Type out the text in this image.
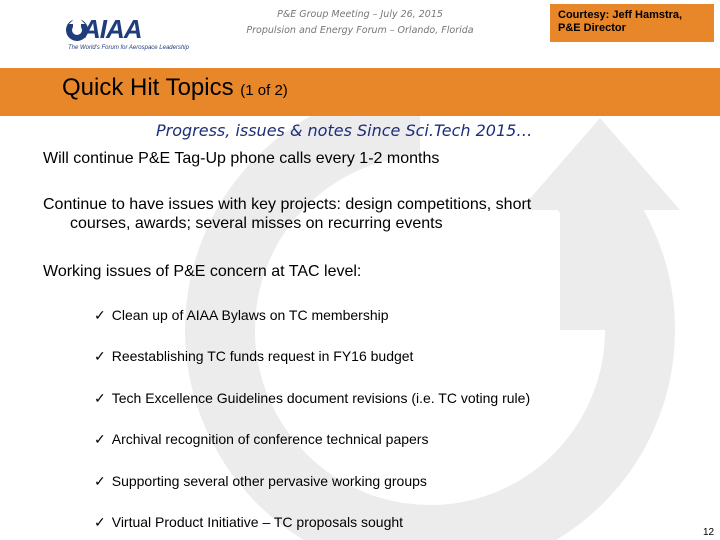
AIAA
The World's Forum for Aerospace Leadership
P&E Group Meeting – July 26, 2015
Propulsion and Energy Forum – Orlando, Florida
Courtesy: Jeff Hamstra,
P&E Director
Quick Hit Topics (1 of 2)
Progress, issues & notes Since Sci.Tech 2015…
Will continue P&E Tag-Up phone calls every 1-2 months
Continue to have issues with key projects: design competitions, short
courses, awards; several misses on recurring events
Working issues of P&E concern at TAC level:
✓ Clean up of AIAA Bylaws on TC membership
✓ Reestablishing TC funds request in FY16 budget
✓ Tech Excellence Guidelines document revisions (i.e. TC voting rule)
✓ Archival recognition of conference technical papers
✓ Supporting several other pervasive working groups
✓ Virtual Product Initiative – TC proposals sought
12
